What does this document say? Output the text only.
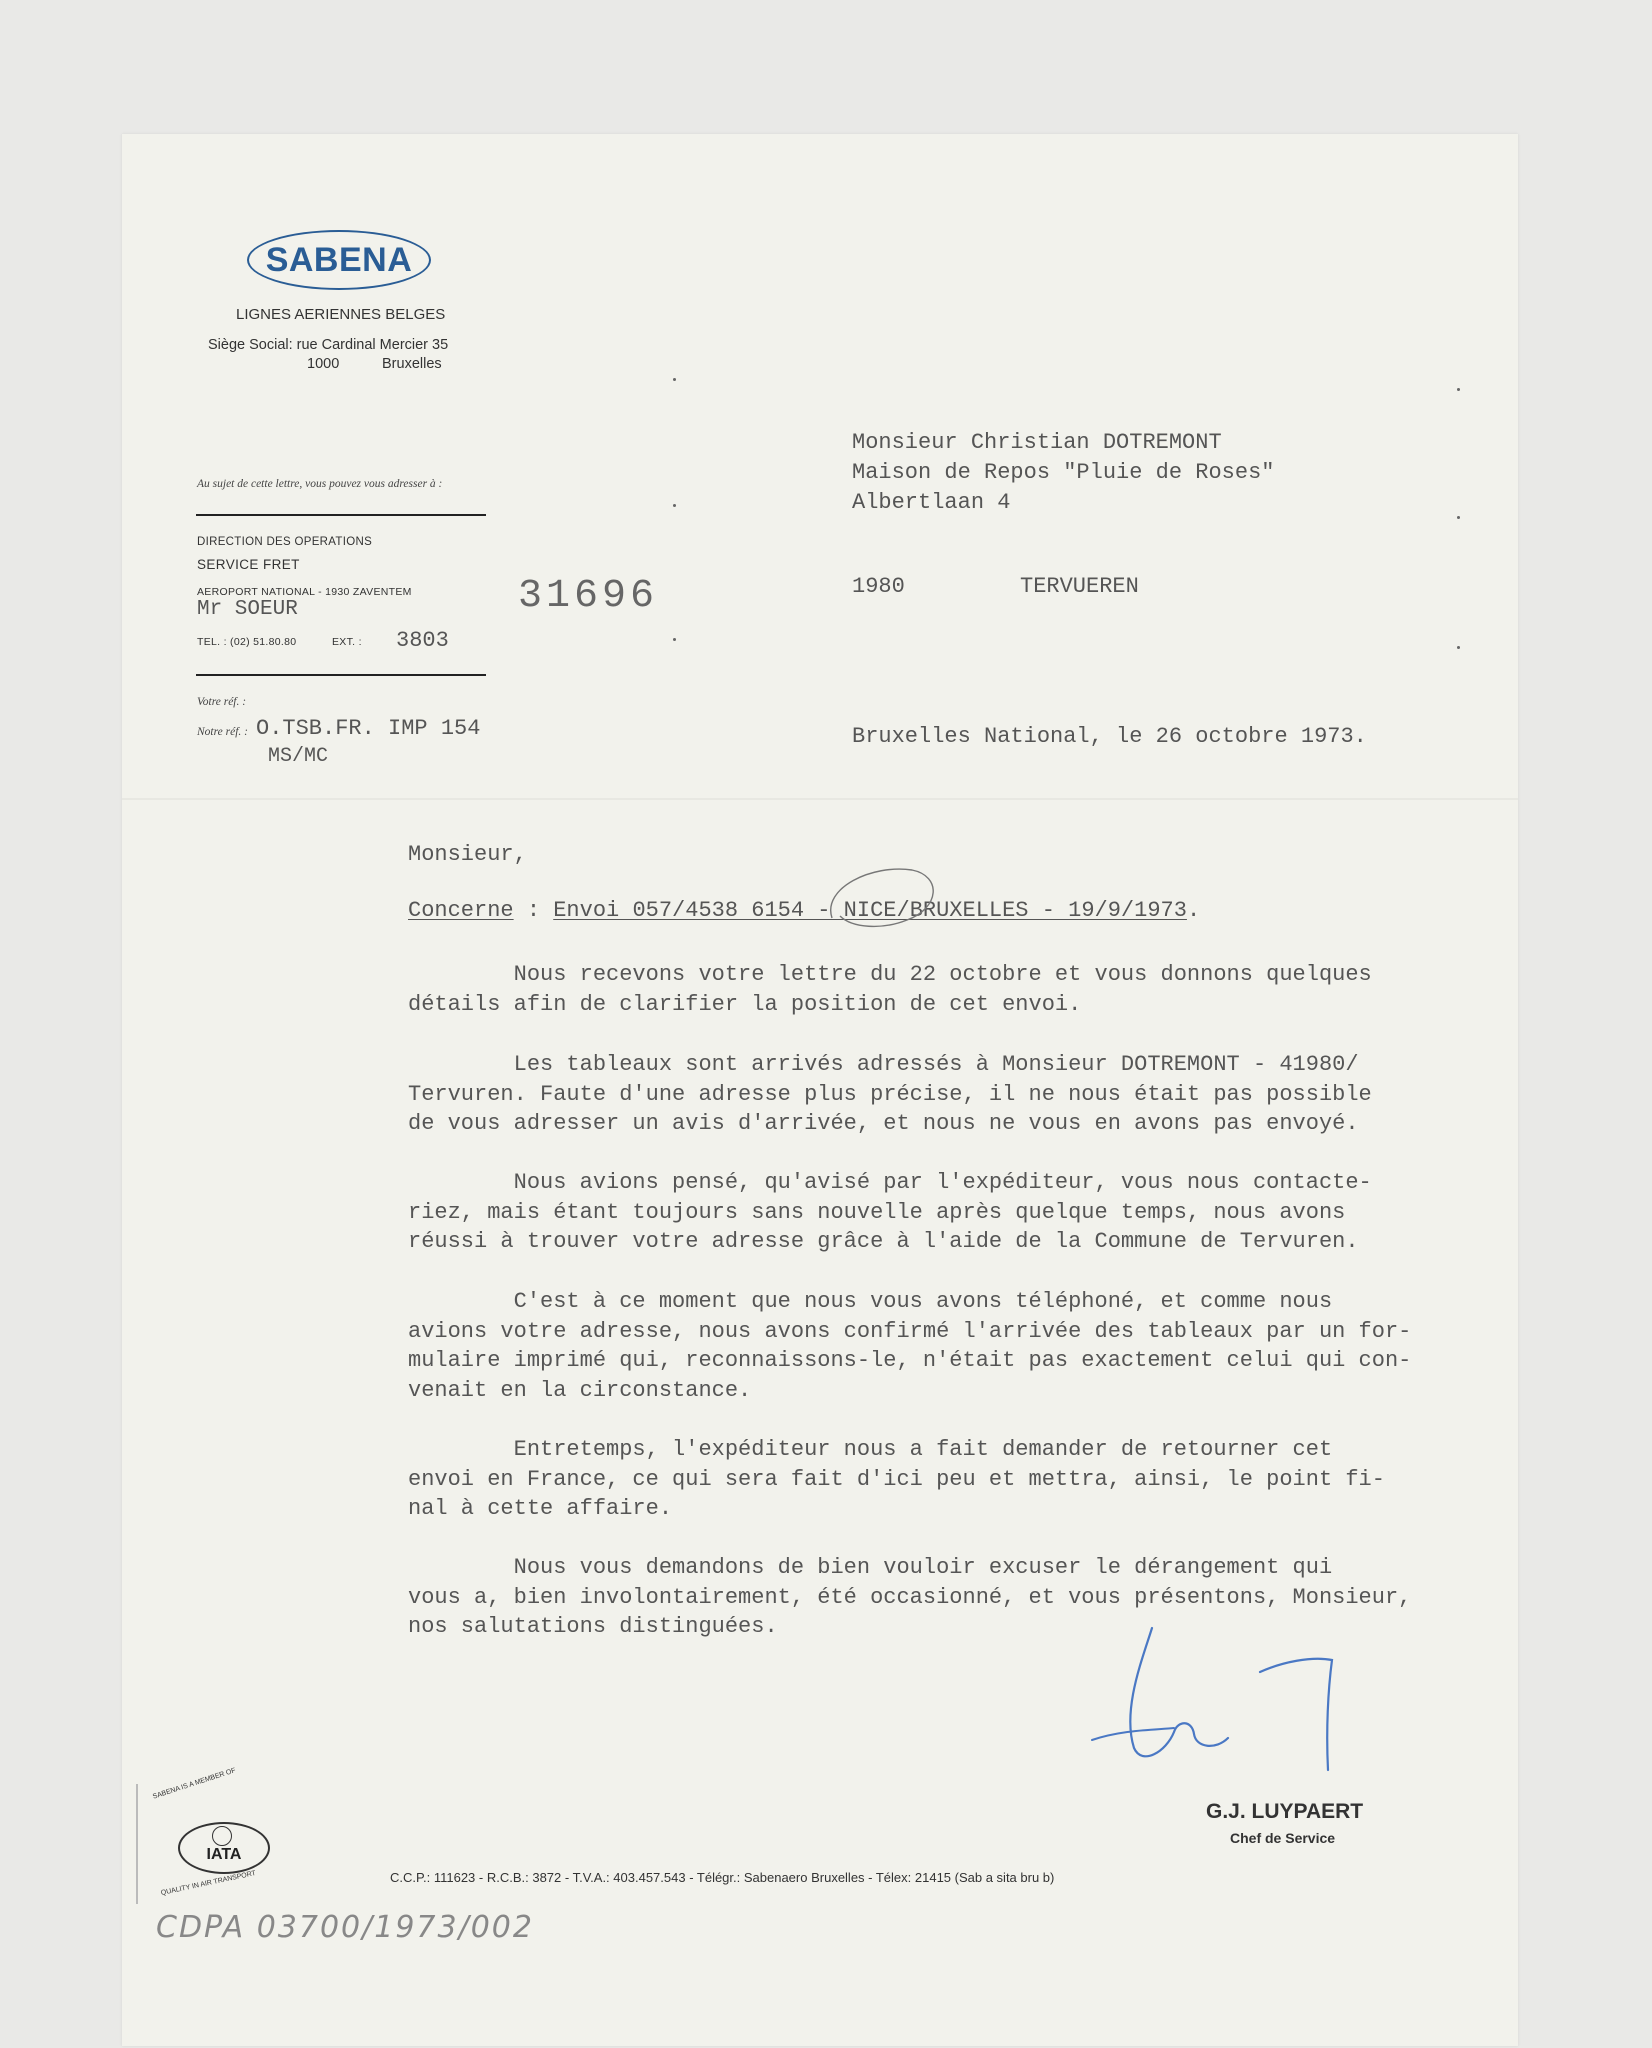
SABENA
LIGNES AERIENNES BELGES
Siège Social: rue Cardinal Mercier 35
1000	Bruxelles
Au sujet de cette lettre, vous pouvez vous adresser à :
DIRECTION DES OPERATIONS
SERVICE FRET
AEROPORT NATIONAL - 1930 ZAVENTEM
Mr SOEUR
TEL. : (02) 51.80.80	EXT. : 3803
31696
Votre réf. :
Notre réf. : O.TSB.FR. IMP 154
MS/MC
Monsieur Christian DOTREMONT
Maison de Repos "Pluie de Roses"
Albertlaan 4
1980	TERVUEREN
Bruxelles National, le 26 octobre 1973.
Monsieur,
Concerne : Envoi 057/4538 6154 - NICE/BRUXELLES - 19/9/1973.
Nous recevons votre lettre du 22 octobre et vous donnons quelques
détails afin de clarifier la position de cet envoi.
Les tableaux sont arrivés adressés à Monsieur DOTREMONT - 41980/
Tervuren. Faute d'une adresse plus précise, il ne nous était pas possible
de vous adresser un avis d'arrivée, et nous ne vous en avons pas envoyé.
Nous avions pensé, qu'avisé par l'expéditeur, vous nous contacte-
riez, mais étant toujours sans nouvelle après quelque temps, nous avons
réussi à trouver votre adresse grâce à l'aide de la Commune de Tervuren.
C'est à ce moment que nous vous avons téléphoné, et comme nous
avions votre adresse, nous avons confirmé l'arrivée des tableaux par un for-
mulaire imprimé qui, reconnaissons-le, n'était pas exactement celui qui con-
venait en la circonstance.
Entretemps, l'expéditeur nous a fait demander de retourner cet
envoi en France, ce qui sera fait d'ici peu et mettra, ainsi, le point fi-
nal à cette affaire.
Nous vous demandons de bien vouloir excuser le dérangement qui
vous a, bien involontairement, été occasionné, et vous présentons, Monsieur,
nos salutations distinguées.
G.J. LUYPAERT
Chef de Service
SABENA IS A MEMBER OF
IATA
QUALITY IN AIR TRANSPORT	C.C.P.: 111623 - R.C.B.: 3872 - T.V.A.: 403.457.543 - Télégr.: Sabenaero Bruxelles - Télex: 21415 (Sab a sita bru b)
CDPA 03700/1973/002
